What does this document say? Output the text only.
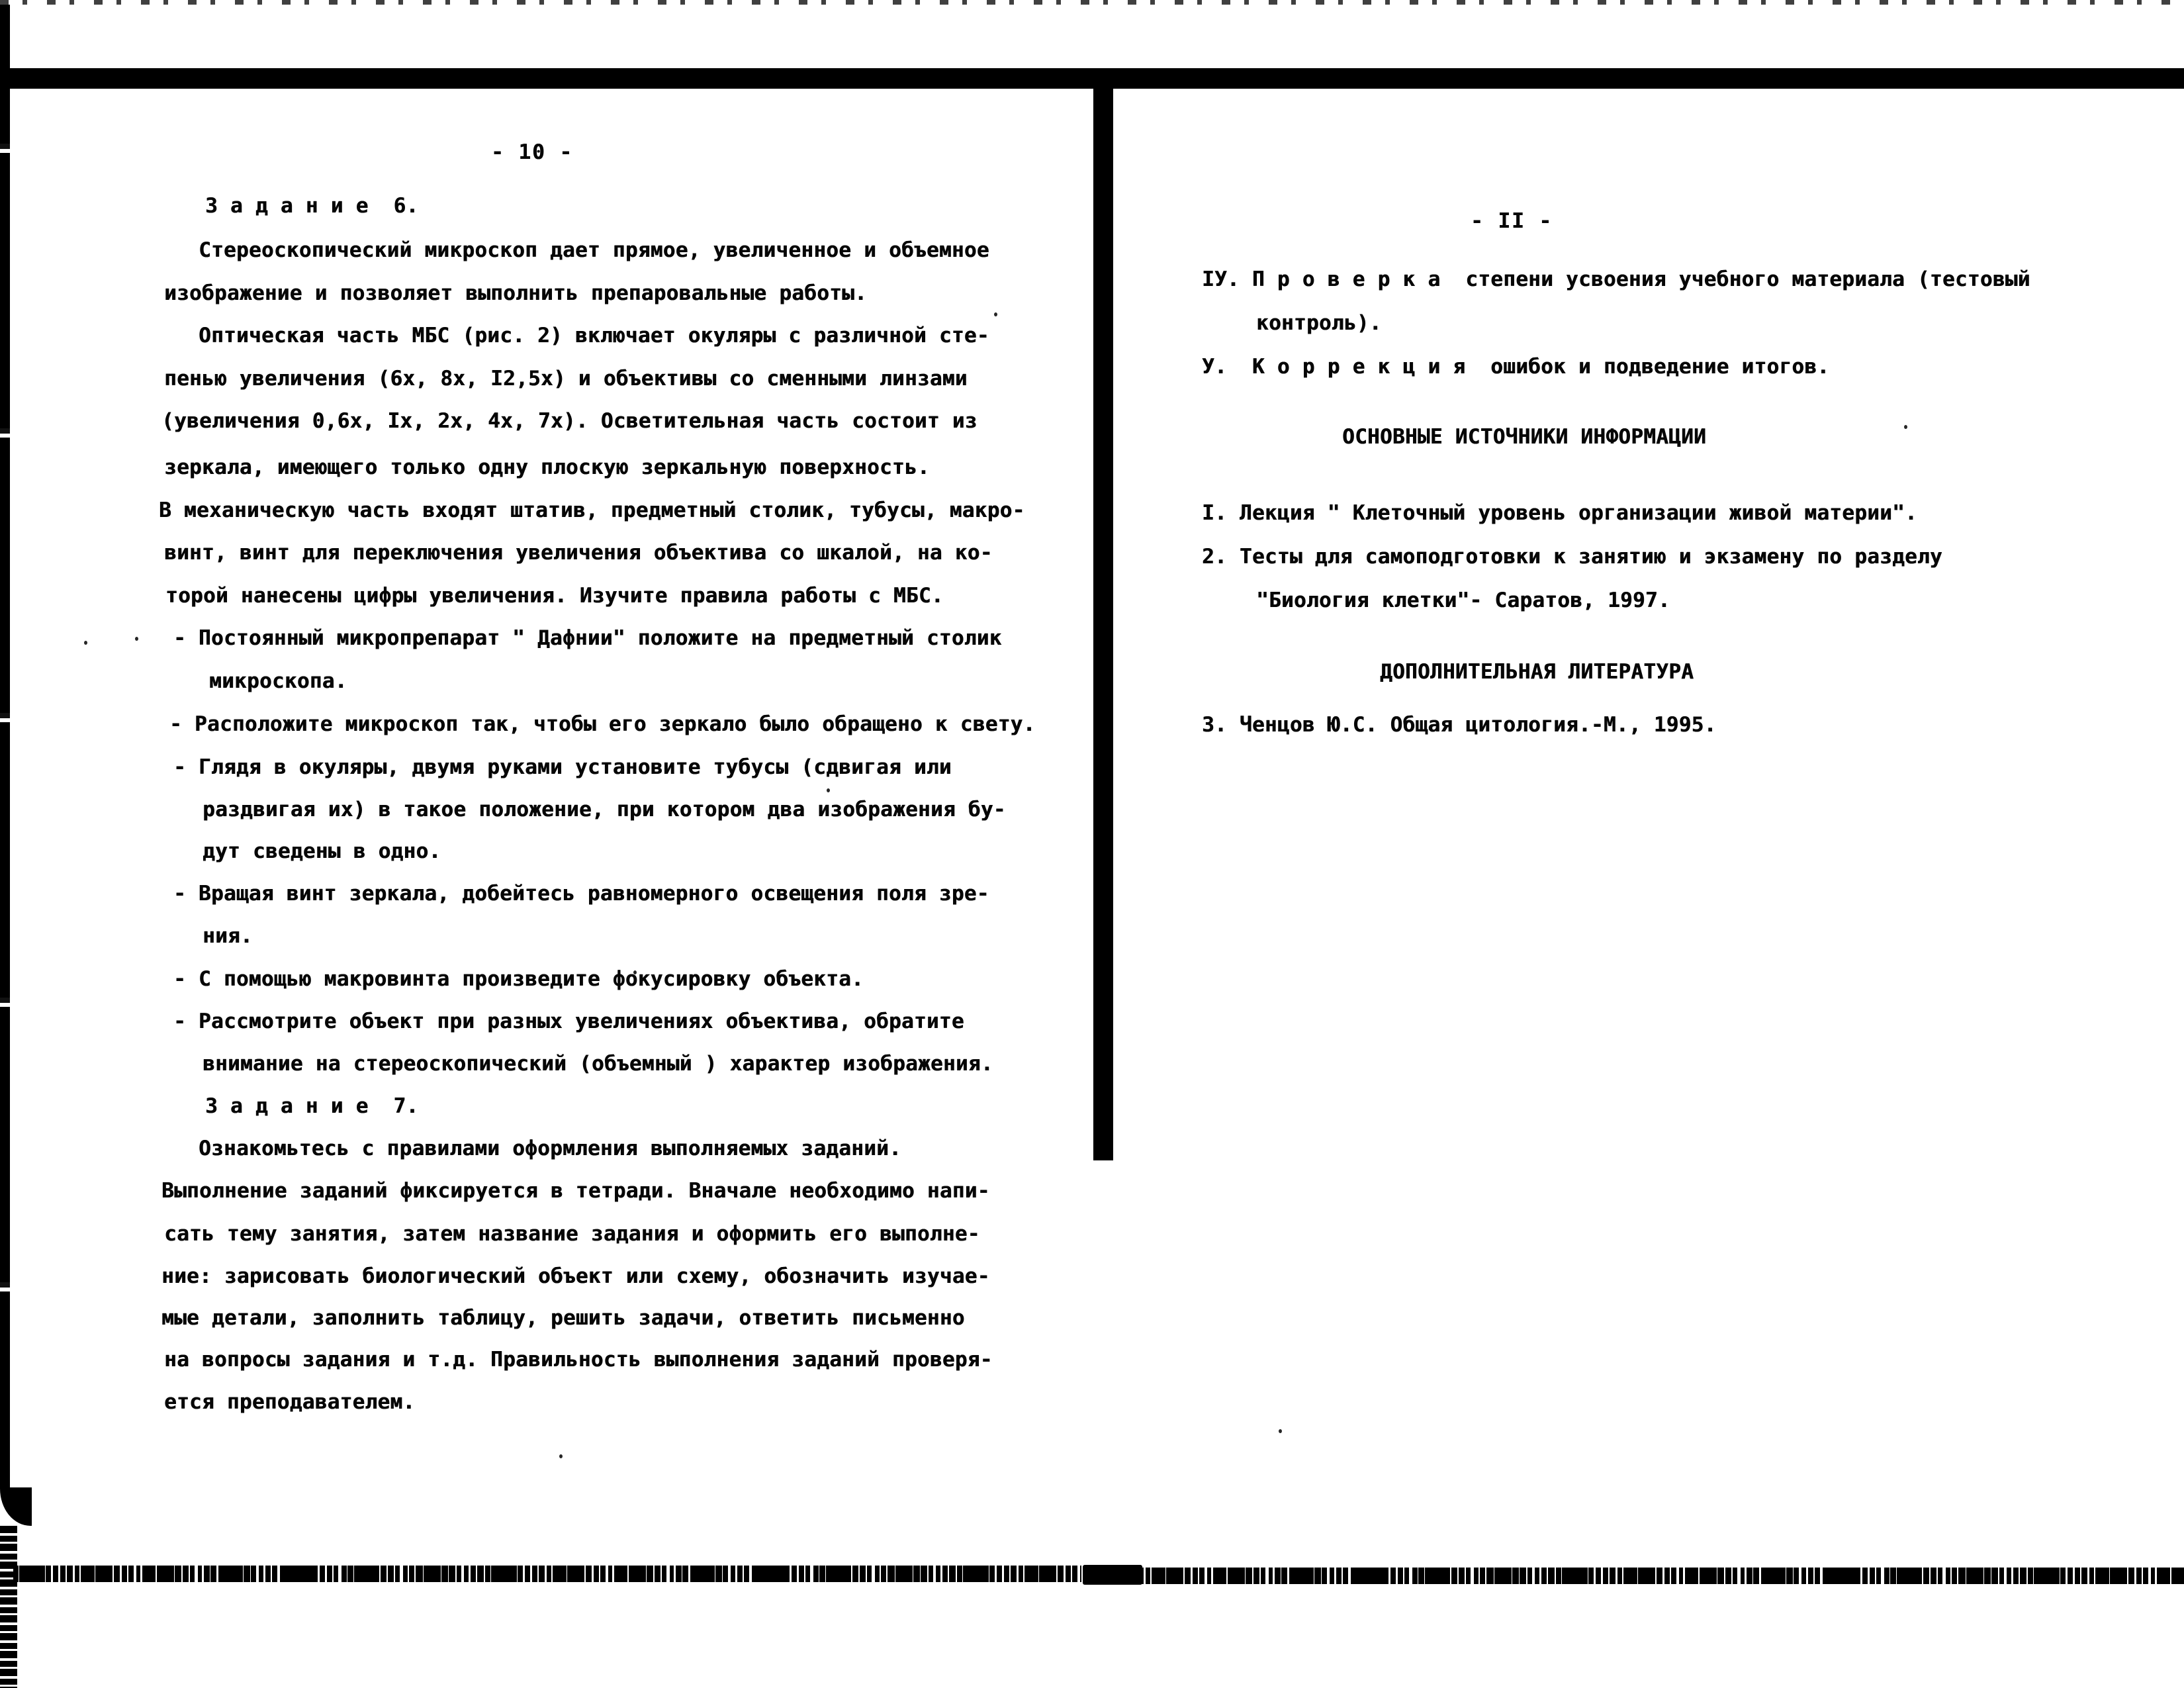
- 10 -
З а д а н и е  6.
Стереоскопический микроскоп дает прямое, увеличенное и объемное
изображение и позволяет выполнить препаровальные работы.
Оптическая часть МБС (рис. 2) включает окуляры с различной сте-
пенью увеличения (6х, 8х, I2,5х) и объективы со сменными линзами
(увеличения 0,6х, Iх, 2х, 4х, 7х). Осветительная часть состоит из
зеркала, имеющего только одну плоскую зеркальную поверхность.
В механическую часть входят штатив, предметный столик, тубусы, макро-
винт, винт для переключения увеличения объектива со шкалой, на ко-
торой нанесены цифры увеличения. Изучите правила работы с МБС.
- Постоянный микропрепарат " Дафнии" положите на предметный столик
микроскопа.
- Расположите микроскоп так, чтобы его зеркало было обращено к свету.
- Глядя в окуляры, двумя руками установите тубусы (сдвигая или
раздвигая их) в такое положение, при котором два изображения бу-
дут сведены в одно.
- Вращая винт зеркала, добейтесь равномерного освещения поля зре-
ния.
- С помощью макровинта произведите фокусировку объекта.
- Рассмотрите объект при разных увеличениях объектива, обратите
внимание на стереоскопический (объемный ) характер изображения.
З а д а н и е  7.
Ознакомьтесь с правилами оформления выполняемых заданий.
Выполнение заданий фиксируется в тетради. Вначале необходимо напи-
сать тему занятия, затем название задания и оформить его выполне-
ние: зарисовать биологический объект или схему, обозначить изучае-
мые детали, заполнить таблицу, решить задачи, ответить письменно
на вопросы задания и т.д. Правильность выполнения заданий проверя-
ется преподавателем.
- II -
IУ. П р о в е р к а  степени усвоения учебного материала (тестовый
контроль).
У.  К о р р е к ц и я  ошибок и подведение итогов.
ОСНОВНЫЕ ИСТОЧНИКИ ИНФОРМАЦИИ
I. Лекция " Клеточный уровень организации живой материи".
2. Тесты для самоподготовки к занятию и экзамену по разделу
"Биология клетки"- Саратов, 1997.
ДОПОЛНИТЕЛЬНАЯ ЛИТЕРАТУРА
3. Ченцов Ю.С. Общая цитология.-М., 1995.
